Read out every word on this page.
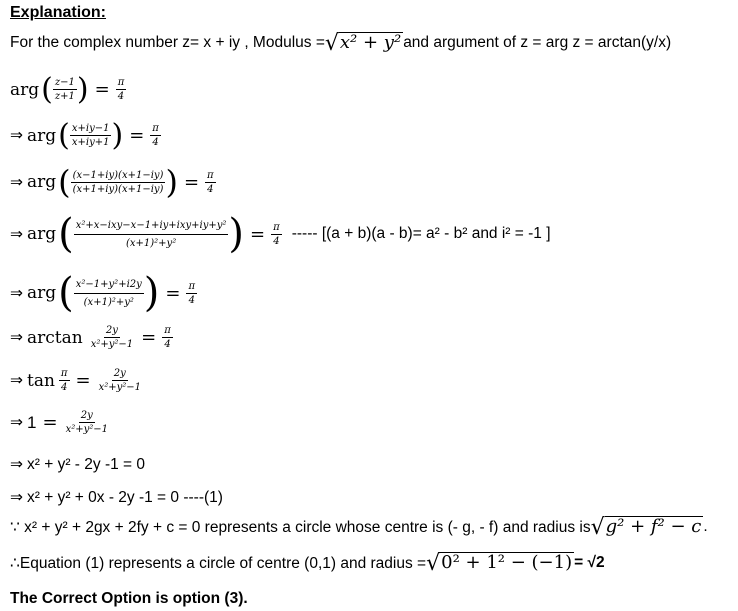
Explanation:
For the complex number z= x + iy , Modulus = √ x² + y² and argument of z = arg z = arctan(y/x)
arg ( $\frac{z-1}{z+1}$ ) = $\frac{\pi}{4}$
⇒ arg ( $\frac{x+iy-1}{x+iy+1}$ ) = $\frac{\pi}{4}$
⇒ arg ( $\frac{(x-1+iy)(x+1-iy)}{(x+1+iy)(x+1-iy)}$ ) = $\frac{\pi}{4}$
⇒ arg ( $\frac{\text{x²+x−ixy−x−1+iy+ixy+iy+y²}}{\text{(x+1)²+y²}}$ ) = $\frac{\pi}{4}$ ----- [(a + b)(a - b)= a² - b² and i² = -1 ]
⇒ arg ( $\frac{\text{x²−1+y²+i2y}}{\text{(x+1)²+y²}}$ ) = $\frac{\pi}{4}$
⇒ $\arctan \frac{2y}{\text{x²+y²−1}} = \frac{\pi}{4}$
⇒ $\tan \frac{\pi}{4} = \frac{2y}{\text{x²+y²−1}}$
⇒ $1 = \frac{2y}{\text{x²+y²−1}}$
⇒ x² + y² - 2y -1 = 0
⇒ x² + y² + 0x - 2y -1 = 0 ----(1)
∵ x² + y² + 2gx + 2fy + c = 0 represents a circle whose centre is (- g, - f) and radius is √ g² + f² − c .
∴Equation (1) represents a circle of centre (0,1) and radius = √ 0² + 1² − (−1) = √2
The Correct Option is option (3).
